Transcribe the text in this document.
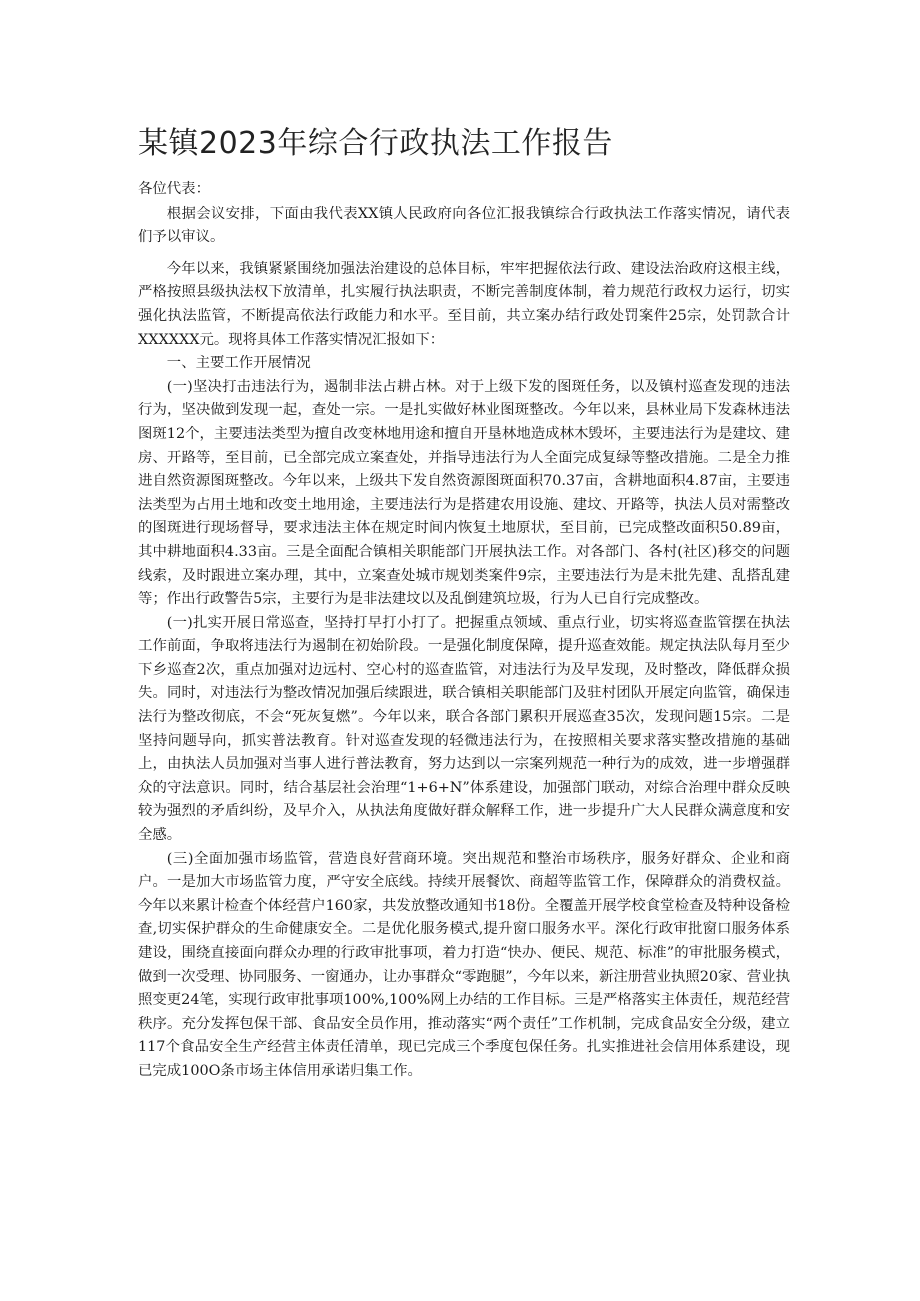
某镇2023年综合行政执法工作报告

各位代表：

根据会议安排，下面由我代表XX镇人民政府向各位汇报我镇综合行政执法工作落实情况，请代表们予以审议。

今年以来，我镇紧紧围绕加强法治建设的总体目标，牢牢把握依法行政、建设法治政府这根主线，严格按照县级执法权下放清单，扎实履行执法职责，不断完善制度体制，着力规范行政权力运行，切实强化执法监管，不断提高依法行政能力和水平。至目前，共立案办结行政处罚案件25宗，处罚款合计XXXXXX元。现将具体工作落实情况汇报如下：

一、主要工作开展情况

(一)坚决打击违法行为，遏制非法占耕占林。对于上级下发的图斑任务，以及镇村巡查发现的违法行为，坚决做到发现一起，查处一宗。一是扎实做好林业图斑整改。今年以来，县林业局下发森林违法图斑12个，主要违法类型为擅自改变林地用途和擅自开垦林地造成林木毁坏，主要违法行为是建坟、建房、开路等，至目前，已全部完成立案查处，并指导违法行为人全面完成复绿等整改措施。二是全力推进自然资源图斑整改。今年以来，上级共下发自然资源图斑面积70.37亩，含耕地面积4.87亩，主要违法类型为占用土地和改变土地用途，主要违法行为是搭建农用设施、建坟、开路等，执法人员对需整改的图斑进行现场督导，要求违法主体在规定时间内恢复土地原状，至目前，已完成整改面积50.89亩，其中耕地面积4.33亩。三是全面配合镇相关职能部门开展执法工作。对各部门、各村(社区)移交的问题线索，及时跟进立案办理，其中，立案查处城市规划类案件9宗，主要违法行为是未批先建、乱搭乱建等；作出行政警告5宗，主要行为是非法建坟以及乱倒建筑垃圾，行为人已自行完成整改。

(一)扎实开展日常巡查，坚持打早打小打了。把握重点领域、重点行业，切实将巡查监管摆在执法工作前面，争取将违法行为遏制在初始阶段。一是强化制度保障，提升巡查效能。规定执法队每月至少下乡巡查2次，重点加强对边远村、空心村的巡查监管，对违法行为及早发现，及时整改，降低群众损失。同时，对违法行为整改情况加强后续跟进，联合镇相关职能部门及驻村团队开展定向监管，确保违法行为整改彻底，不会“死灰复燃”。今年以来，联合各部门累积开展巡查35次，发现问题15宗。二是坚持问题导向，抓实普法教育。针对巡查发现的轻微违法行为，在按照相关要求落实整改措施的基础上，由执法人员加强对当事人进行普法教育，努力达到以一宗案列规范一种行为的成效，进一步增强群众的守法意识。同时，结合基层社会治理“1+6+N”体系建设，加强部门联动，对综合治理中群众反映较为强烈的矛盾纠纷，及早介入，从执法角度做好群众解释工作，进一步提升广大人民群众满意度和安全感。

(三)全面加强市场监管，营造良好营商环境。突出规范和整治市场秩序，服务好群众、企业和商户。一是加大市场监管力度，严守安全底线。持续开展餐饮、商超等监管工作，保障群众的消费权益。今年以来累计检查个体经营户160家，共发放整改通知书18份。全覆盖开展学校食堂检查及特种设备检查,切实保护群众的生命健康安全。二是优化服务模式,提升窗口服务水平。深化行政审批窗口服务体系建设，围绕直接面向群众办理的行政审批事项，着力打造“快办、便民、规范、标准”的审批服务模式，做到一次受理、协同服务、一窗通办，让办事群众“零跑腿”，今年以来，新注册营业执照20家、营业执照变更24笔，实现行政审批事项100%,100%网上办结的工作目标。三是严格落实主体责任，规范经营秩序。充分发挥包保干部、食品安全员作用，推动落实“两个责任”工作机制，完成食品安全分级，建立117个食品安全生产经营主体责任清单，现已完成三个季度包保任务。扎实推进社会信用体系建设，现已完成100O条市场主体信用承诺归集工作。
